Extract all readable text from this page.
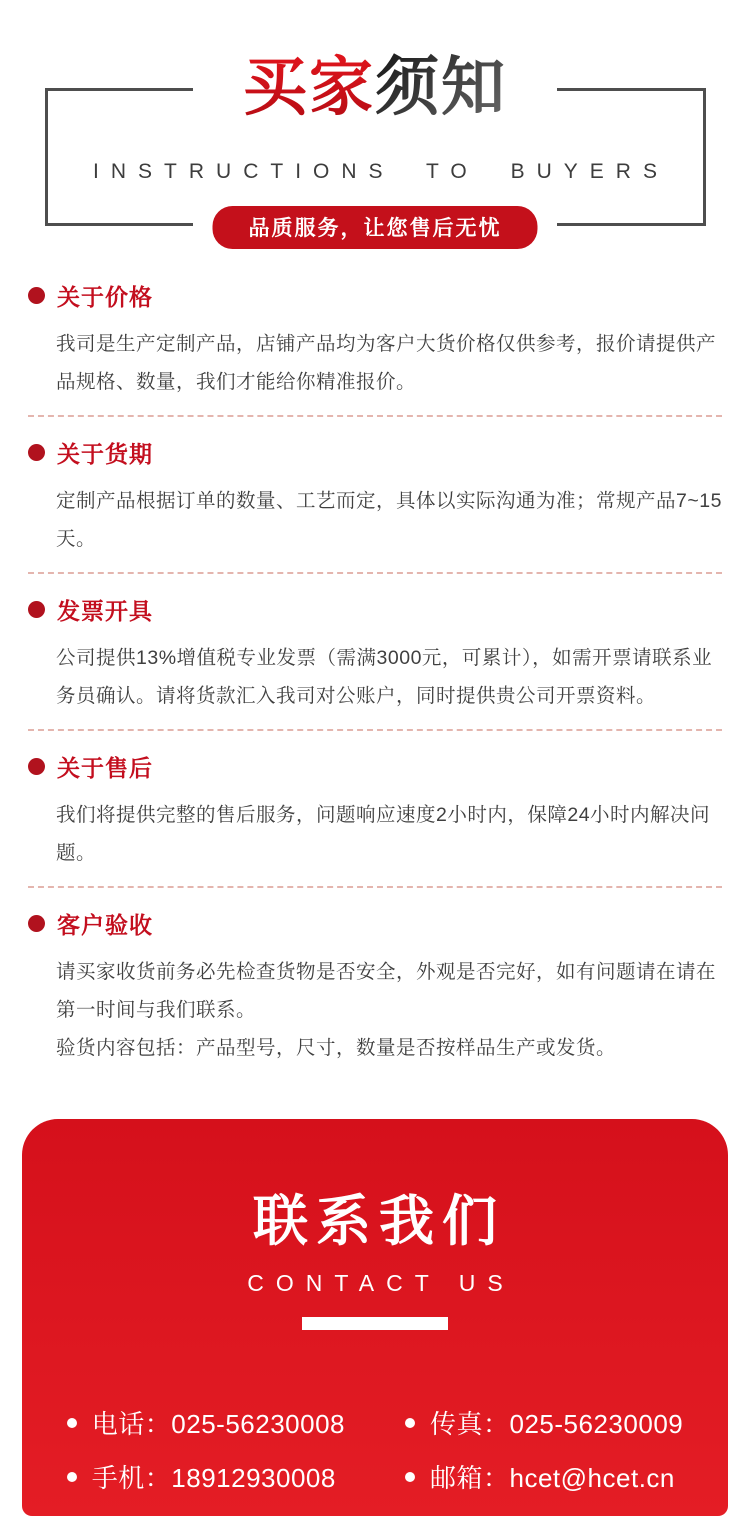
买家须知
INSTRUCTIONS TO BUYERS
品质服务，让您售后无忧
关于价格

我司是生产定制产品，店铺产品均为客户大货价格仅供参考，报价请提供产品规格、数量，我们才能给你精准报价。

关于货期

定制产品根据订单的数量、工艺而定，具体以实际沟通为准；常规产品7~15天。

发票开具

公司提供13%增值税专业发票（需满3000元，可累计），如需开票请联系业务员确认。请将货款汇入我司对公账户，同时提供贵公司开票资料。

关于售后

我们将提供完整的售后服务，问题响应速度2小时内，保障24小时内解决问题。

客户验收

请买家收货前务必先检查货物是否安全，外观是否完好，如有问题请在请在第一时间与我们联系。

验货内容包括：产品型号，尺寸，数量是否按样品生产或发货。

联系我们
CONTACT US
电话：025-56230008	传真：025-56230009
手机：18912930008	邮箱：hcet@hcet.cn
